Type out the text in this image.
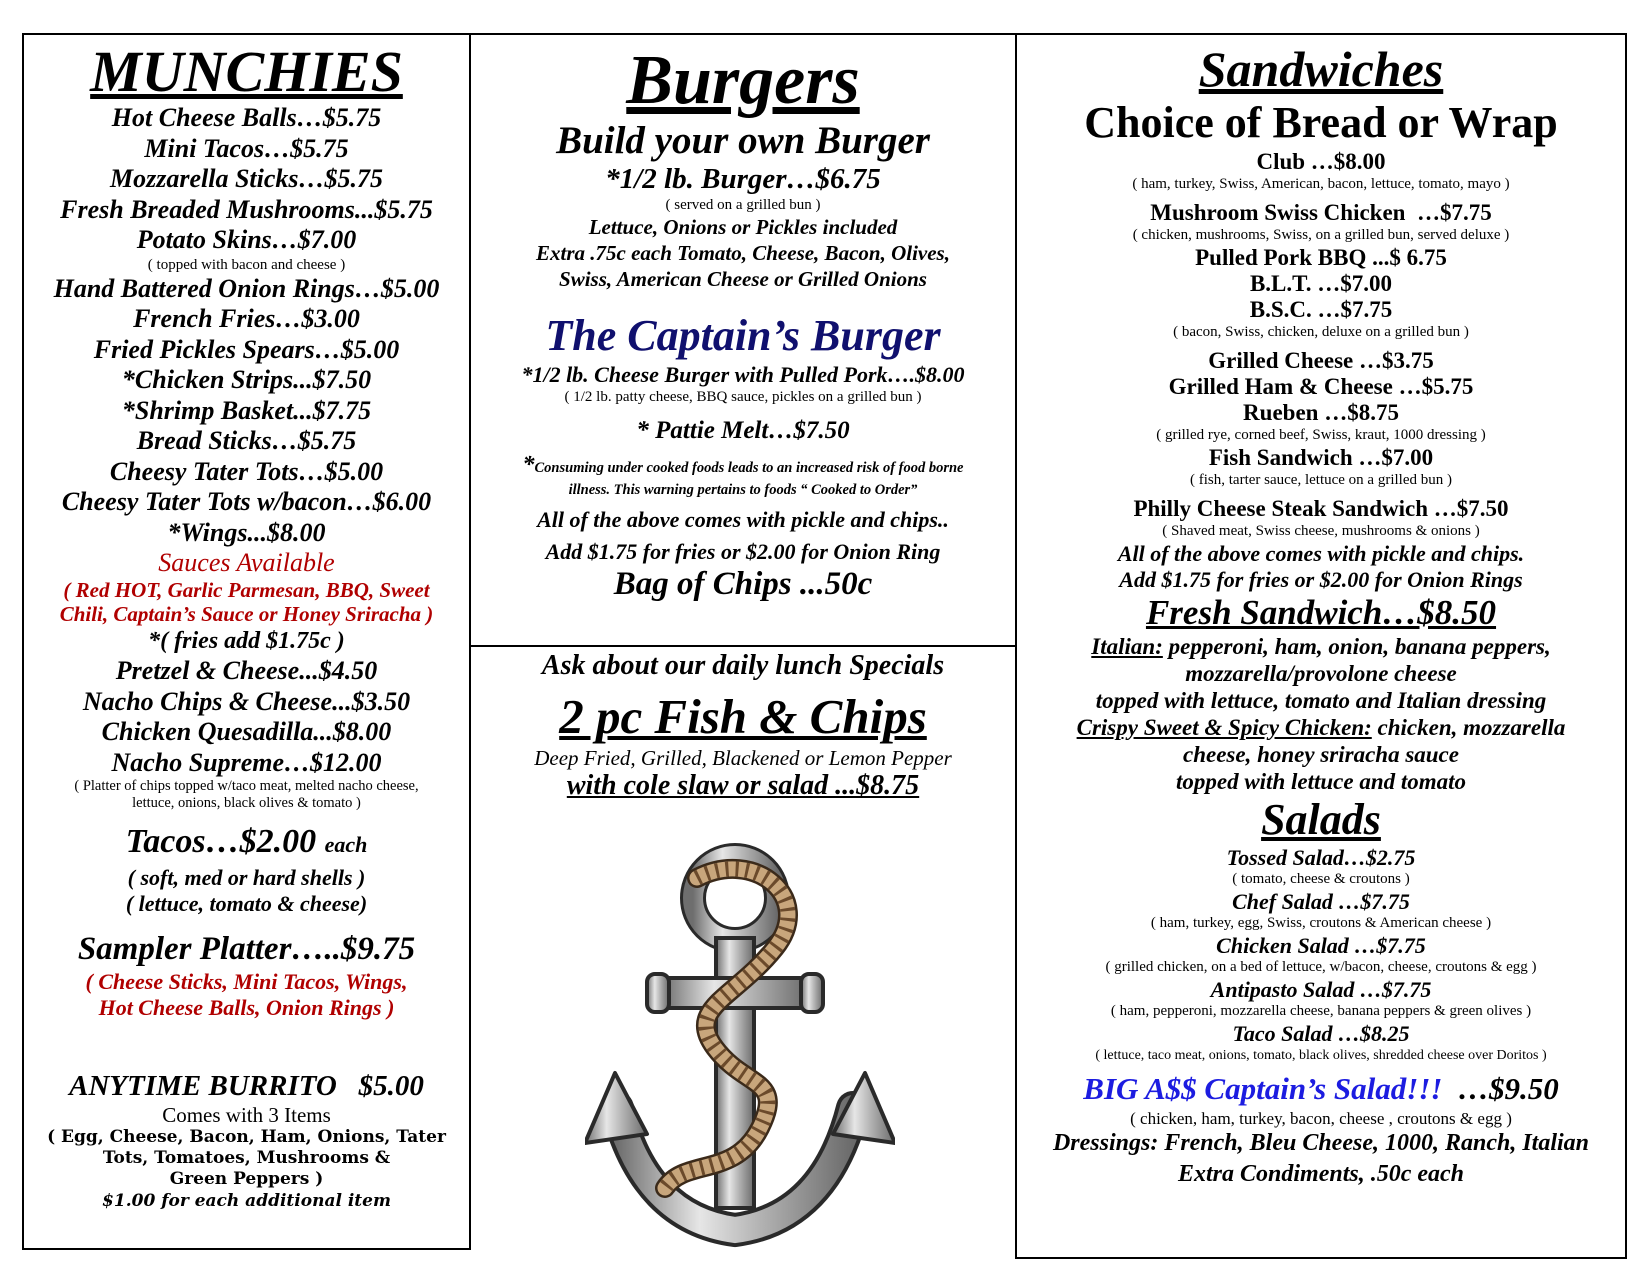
MUNCHIES
Hot Cheese Balls…$5.75
Mini Tacos…$5.75
Mozzarella Sticks…$5.75
Fresh Breaded Mushrooms...$5.75
Potato Skins…$7.00
( topped with bacon and cheese )
Hand Battered Onion Rings…$5.00
French Fries…$3.00
Fried Pickles Spears…$5.00
*Chicken Strips...$7.50
*Shrimp Basket...$7.75
Bread Sticks…$5.75
Cheesy Tater Tots…$5.00
Cheesy Tater Tots w/bacon…$6.00
*Wings...$8.00
Sauces Available
( Red HOT, Garlic Parmesan, BBQ, Sweet
Chili, Captain’s Sauce or Honey Sriracha )
*( fries add $1.75c )
Pretzel & Cheese...$4.50
Nacho Chips & Cheese...$3.50
Chicken Quesadilla...$8.00
Nacho Supreme…$12.00
( Platter of chips topped w/taco meat, melted nacho cheese,
lettuce, onions, black olives & tomato )
Tacos…$2.00 each
( soft, med or hard shells )
( lettuce, tomato & cheese)
Sampler Platter…..$9.75
( Cheese Sticks, Mini Tacos, Wings,
Hot Cheese Balls, Onion Rings )
ANYTIME BURRITO   $5.00
Comes with 3 Items
( Egg, Cheese, Bacon, Ham, Onions, Tater
Tots, Tomatoes, Mushrooms &
Green Peppers )
$1.00 for each additional item
Burgers
Build your own Burger
*1/2 lb. Burger…$6.75
( served on a grilled bun )
Lettuce, Onions or Pickles included
Extra .75c each Tomato, Cheese, Bacon, Olives,
Swiss, American Cheese or Grilled Onions
The Captain’s Burger
*1/2 lb. Cheese Burger with Pulled Pork….$8.00
( 1/2 lb. patty cheese, BBQ sauce, pickles on a grilled bun )
* Pattie Melt…$7.50
*Consuming under cooked foods leads to an increased risk of food borne
illness. This warning pertains to foods “ Cooked to Order”
All of the above comes with pickle and chips..
Add $1.75 for fries or $2.00 for Onion Ring
Bag of Chips ...50c
Ask about our daily lunch Specials
2 pc Fish & Chips
Deep Fried, Grilled, Blackened or Lemon Pepper
with cole slaw or salad ...$8.75
Sandwiches
Choice of Bread or Wrap
Club …$8.00
( ham, turkey, Swiss, American, bacon, lettuce, tomato, mayo )
Mushroom Swiss Chicken  …$7.75
( chicken, mushrooms, Swiss, on a grilled bun, served deluxe )
Pulled Pork BBQ ...$ 6.75
B.L.T. …$7.00
B.S.C. …$7.75
( bacon, Swiss, chicken, deluxe on a grilled bun )
Grilled Cheese …$3.75
Grilled Ham & Cheese …$5.75
Rueben …$8.75
( grilled rye, corned beef, Swiss, kraut, 1000 dressing )
Fish Sandwich …$7.00
( fish, tarter sauce, lettuce on a grilled bun )
Philly Cheese Steak Sandwich …$7.50
( Shaved meat, Swiss cheese, mushrooms & onions )
All of the above comes with pickle and chips.
Add $1.75 for fries or $2.00 for Onion Rings
Fresh Sandwich…$8.50
Italian: pepperoni, ham, onion, banana peppers,
mozzarella/provolone cheese
topped with lettuce, tomato and Italian dressing
Crispy Sweet & Spicy Chicken: chicken, mozzarella
cheese, honey sriracha sauce
topped with lettuce and tomato
Salads
Tossed Salad…$2.75
( tomato, cheese & croutons )
Chef Salad …$7.75
( ham, turkey, egg, Swiss, croutons & American cheese )
Chicken Salad …$7.75
( grilled chicken, on a bed of lettuce, w/bacon, cheese, croutons & egg )
Antipasto Salad …$7.75
( ham, pepperoni, mozzarella cheese, banana peppers & green olives )
Taco Salad …$8.25
( lettuce, taco meat, onions, tomato, black olives, shredded cheese over Doritos )
BIG A$$ Captain’s Salad!!!  …$9.50
( chicken, ham, turkey, bacon, cheese , croutons & egg )
Dressings: French, Bleu Cheese, 1000, Ranch, Italian
Extra Condiments, .50c each
